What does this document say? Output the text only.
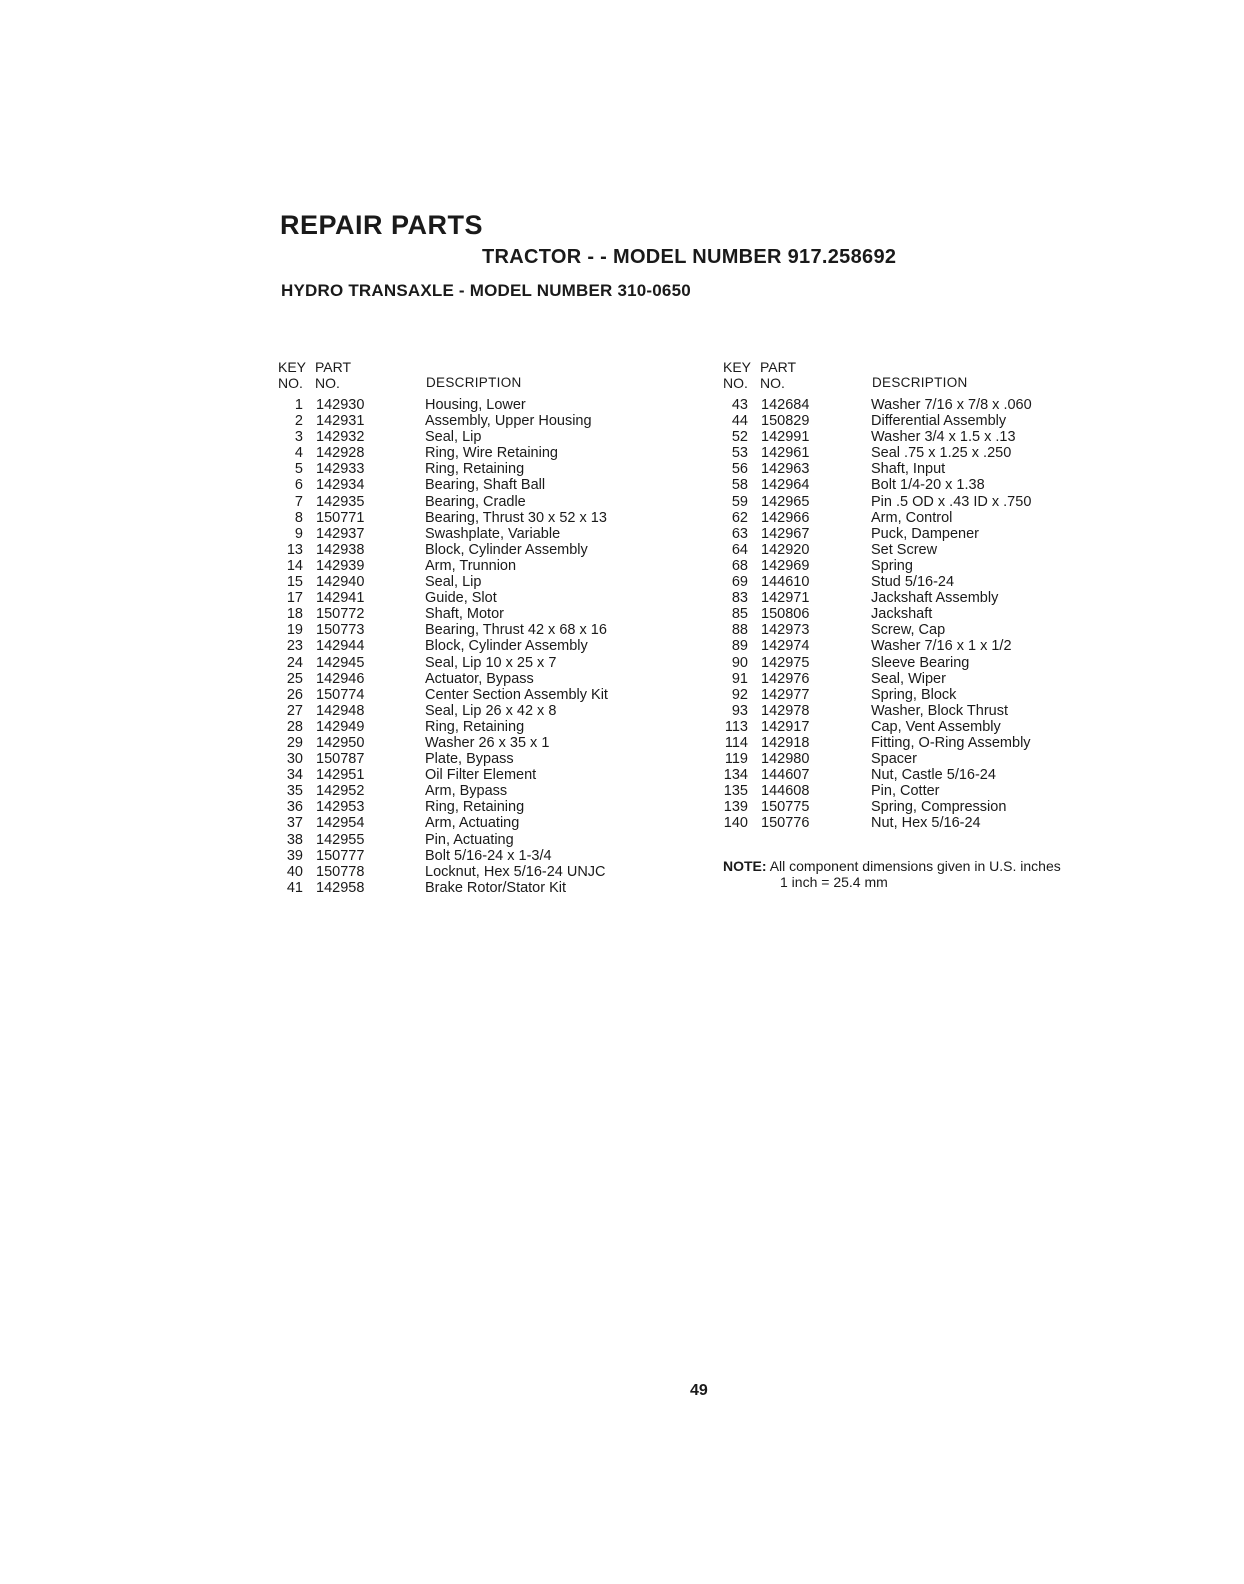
REPAIR PARTS
TRACTOR - - MODEL NUMBER 917.258692
HYDRO TRANSAXLE - MODEL NUMBER 310-0650
KEY
NO.
PART
NO.	DESCRIPTION
1 142930	Housing, Lower
2 142931	Assembly, Upper Housing
3 142932	Seal, Lip
4 142928	Ring, Wire Retaining
5 142933	Ring, Retaining
6 142934	Bearing, Shaft Ball
7 142935	Bearing, Cradle
8 150771	Bearing, Thrust 30 x 52 x 13
9 142937	Swashplate, Variable
13 142938	Block, Cylinder Assembly
14 142939	Arm, Trunnion
15 142940	Seal, Lip
17 142941	Guide, Slot
18 150772	Shaft, Motor
19 150773	Bearing, Thrust 42 x 68 x 16
23 142944	Block, Cylinder Assembly
24 142945	Seal, Lip 10 x 25 x 7
25 142946	Actuator, Bypass
26 150774	Center Section Assembly Kit
27 142948	Seal, Lip 26 x 42 x 8
28 142949	Ring, Retaining
29 142950	Washer 26 x 35 x 1
30 150787	Plate, Bypass
34 142951	Oil Filter Element
35 142952	Arm, Bypass
36 142953	Ring, Retaining
37 142954	Arm, Actuating
38 142955	Pin, Actuating
39 150777	Bolt 5/16-24 x 1-3/4
40 150778	Locknut, Hex 5/16-24 UNJC
41 142958	Brake Rotor/Stator Kit
KEY
NO.
PART
NO.	DESCRIPTION
43 142684	Washer 7/16 x 7/8 x .060
44 150829	Differential Assembly
52 142991	Washer 3/4 x 1.5 x .13
53 142961	Seal .75 x 1.25 x .250
56 142963	Shaft, Input
58 142964	Bolt 1/4-20 x 1.38
59 142965	Pin .5 OD x .43 ID x .750
62 142966	Arm, Control
63 142967	Puck, Dampener
64 142920	Set Screw
68 142969	Spring
69 144610	Stud 5/16-24
83 142971	Jackshaft Assembly
85 150806	Jackshaft
88 142973	Screw, Cap
89 142974	Washer 7/16 x 1 x 1/2
90 142975	Sleeve Bearing
91 142976	Seal, Wiper
92 142977	Spring, Block
93 142978	Washer, Block Thrust
113 142917	Cap, Vent Assembly
114 142918	Fitting, O-Ring Assembly
119 142980	Spacer
134 144607	Nut, Castle 5/16-24
135 144608	Pin, Cotter
139 150775	Spring, Compression
140 150776	Nut, Hex 5/16-24
NOTE: All component dimensions given in U.S. inches
1 inch = 25.4 mm
49
